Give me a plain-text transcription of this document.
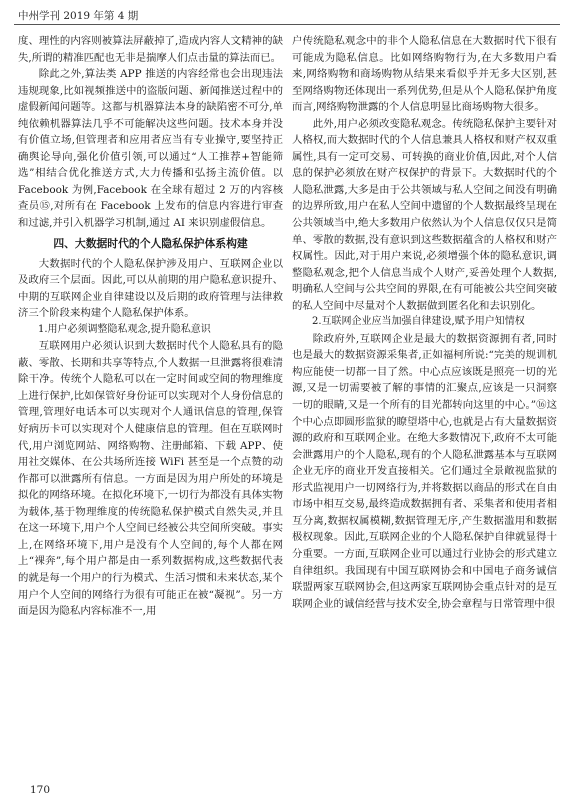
中州学刊 2019 年第 4 期

度、理性的内容则被算法屏蔽掉了,造成内容人文精神的缺失,所谓的精准匹配也无非是揣摩人们点击量的算法而已。

除此之外,算法类 APP 推送的内容经常也会出现违法违规现象,比如视频推送中的盗版问题、新闻推送过程中的虚假新闻问题等。这都与机器算法本身的缺陷密不可分,单纯依赖机器算法几乎不可能解决这些问题。技术本身并没有价值立场,但管理者和应用者应当有专业操守,要坚持正确舆论导向,强化价值引领,可以通过“人工推荐+智能筛选”相结合优化推送方式,大力传播和弘扬主流价值。以 Facebook 为例,Facebook 在全球有超过 2 万的内容核查员⑮,对所有在 Facebook 上发布的信息内容进行审查和过滤,并引入机器学习机制,通过 AI 来识别虚假信息。

四、大数据时代的个人隐私保护体系构建

大数据时代的个人隐私保护涉及用户、互联网企业以及政府三个层面。因此,可以从前期的用户隐私意识提升、中期的互联网企业自律建设以及后期的政府管理与法律救济三个阶段来构建个人隐私保护体系。

1.用户必须调整隐私观念,提升隐私意识

互联网用户必须认识到大数据时代个人隐私具有的隐蔽、零散、长期和共享等特点,个人数据一旦泄露将很难清除干净。传统个人隐私可以在一定时间或空间的物理维度上进行保护,比如保管好身份证可以实现对个人身份信息的管理,管理好电话本可以实现对个人通讯信息的管理,保管好病历卡可以实现对个人健康信息的管理。但在互联网时代,用户浏览网站、网络购物、注册邮箱、下载 APP、使用社交媒体、在公共场所连接 WiFi 甚至是一个点赞的动作都可以泄露所有信息。一方面是因为用户所处的环境是拟化的网络环境。在拟化环境下,一切行为都没有具体实物为载体,基于物理维度的传统隐私保护模式自然失灵,并且在这一环境下,用户个人空间已经被公共空间所突破。事实上,在网络环境下,用户是没有个人空间的,每个人都在网上“裸奔”,每个用户都是由一系列数据构成,这些数据代表的就是每一个用户的行为模式、生活习惯和未来状态,某个用户个人空间的网络行为很有可能正在被“凝视”。另一方面是因为隐私内容标准不一,用

户传统隐私观念中的非个人隐私信息在大数据时代下很有可能成为隐私信息。比如网络购物行为,在大多数用户看来,网络购物和商场购物从结果来看似乎并无多大区别,甚至网络购物还体现出一系列优势,但是从个人隐私保护角度而言,网络购物泄露的个人信息明显比商场购物大很多。

此外,用户必须改变隐私观念。传统隐私保护主要针对人格权,而大数据时代的个人信息兼具人格权和财产权双重属性,具有一定可交易、可转换的商业价值,因此,对个人信息的保护必须放在财产权保护的背景下。大数据时代的个人隐私泄露,大多是由于公共领域与私人空间之间没有明确的边界所致,用户在私人空间中遗留的个人数据最终呈现在公共领域当中,绝大多数用户依然认为个人信息仅仅只是简单、零散的数据,没有意识到这些数据蕴含的人格权和财产权属性。因此,对于用户来说,必须增强个体的隐私意识,调整隐私观念,把个人信息当成个人财产,妥善处理个人数据,明确私人空间与公共空间的界限,在有可能被公共空间突破的私人空间中尽量对个人数据做到匿名化和去识别化。

2.互联网企业应当加强自律建设,赋予用户知情权

除政府外,互联网企业是最大的数据资源拥有者,同时也是最大的数据资源采集者,正如福柯所说:“完美的规训机构应能使一切都一目了然。中心点应该既是照亮一切的光源,又是一切需要被了解的事情的汇聚点,应该是一只洞察一切的眼睛,又是一个所有的目光都转向这里的中心。”⑯这个中心点即圆形监狱的瞭望塔中心,也就是占有大量数据资源的政府和互联网企业。在绝大多数情况下,政府不太可能会泄露用户的个人隐私,现有的个人隐私泄露基本与互联网企业无序的商业开发直接相关。它们通过全景敞视监狱的形式监视用户一切网络行为,并将数据以商品的形式在自由市场中相互交易,最终造成数据拥有者、采集者和使用者相互分离,数据权属模糊,数据管理无序,产生数据滥用和数据极权现象。因此,互联网企业的个人隐私保护自律就显得十分重要。一方面,互联网企业可以通过行业协会的形式建立自律组织。我国现有中国互联网协会和中国电子商务诚信联盟两家互联网协会,但这两家互联网协会重点针对的是互联网企业的诚信经营与技术安全,协会章程与日常管理中很

170
